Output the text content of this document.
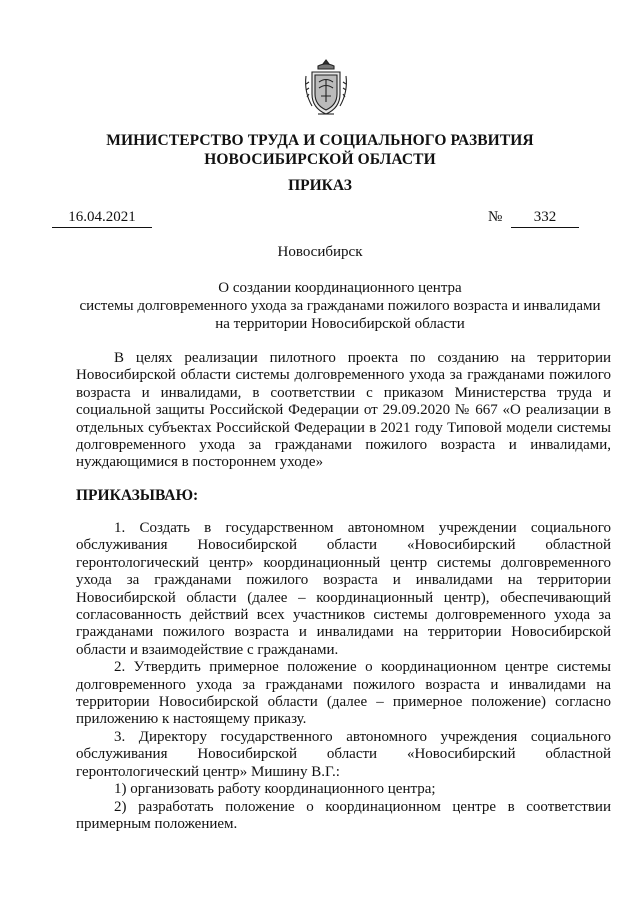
МИНИСТЕРСТВО ТРУДА И СОЦИАЛЬНОГО РАЗВИТИЯ
НОВОСИБИРСКОЙ ОБЛАСТИ
ПРИКАЗ
16.04.2021	№	332
Новосибирск
О создании координационного центра
системы долговременного ухода за гражданами пожилого возраста и инвалидами
на территории Новосибирской области

В целях реализации пилотного проекта по созданию на территории Новосибирской области системы долговременного ухода за гражданами пожилого возраста и инвалидами, в соответствии с приказом Министерства труда и социальной защиты Российской Федерации от 29.09.2020 № 667 «О реализации в отдельных субъектах Российской Федерации в 2021 году Типовой модели системы долговременного ухода за гражданами пожилого возраста и инвалидами, нуждающимися в постороннем уходе»

ПРИКАЗЫВАЮ:

1. Создать в государственном автономном учреждении социального обслуживания Новосибирской области «Новосибирский областной геронтологический центр» координационный центр системы долговременного ухода за гражданами пожилого возраста и инвалидами на территории Новосибирской области (далее – координационный центр), обеспечивающий согласованность действий всех участников системы долговременного ухода за гражданами пожилого возраста и инвалидами на территории Новосибирской области и взаимодействие с гражданами.

2. Утвердить примерное положение о координационном центре системы долговременного ухода за гражданами пожилого возраста и инвалидами на территории Новосибирской области (далее – примерное положение) согласно приложению к настоящему приказу.

3. Директору государственного автономного учреждения социального обслуживания Новосибирской области «Новосибирский областной геронтологический центр» Мишину В.Г.:

1) организовать работу координационного центра;

2) разработать положение о координационном центре в соответствии примерным положением.
